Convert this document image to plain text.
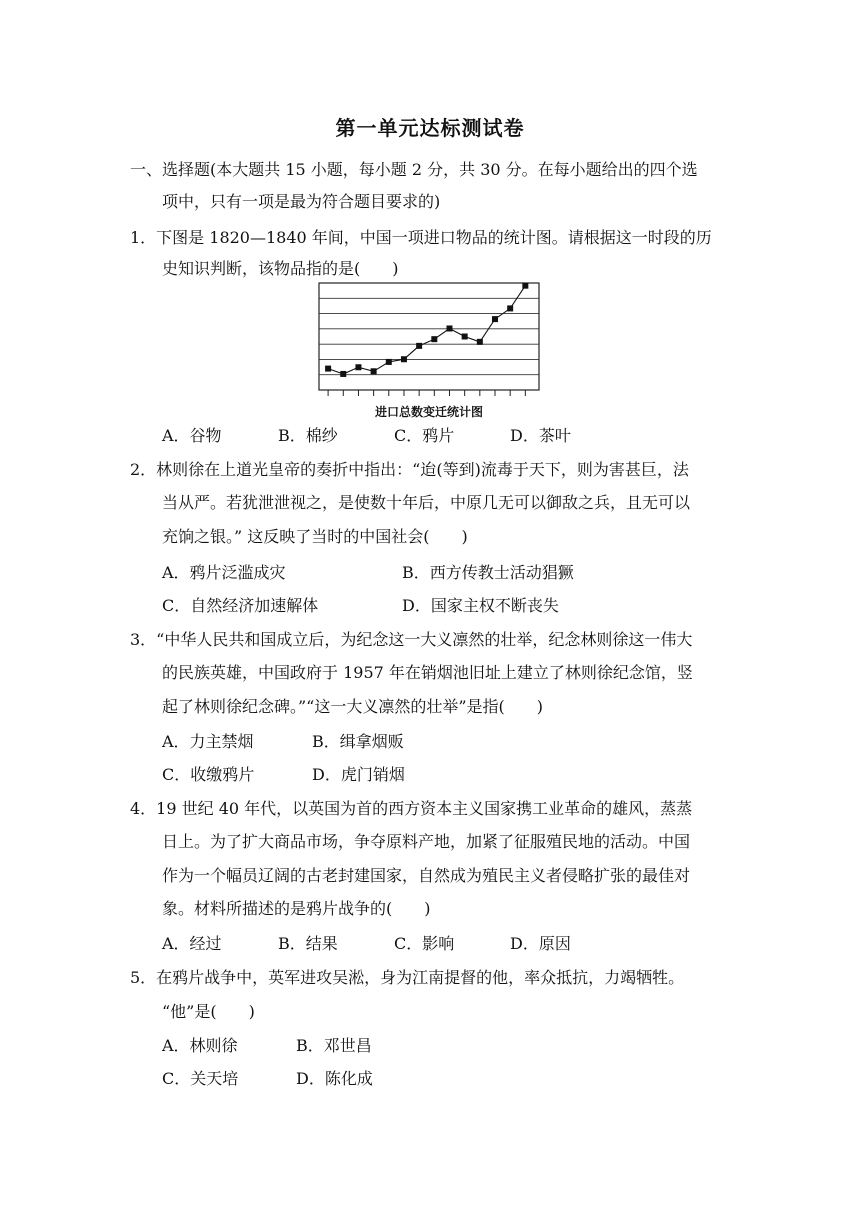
第一单元达标测试卷
一、选择题(本大题共 15 小题，每小题 2 分，共 30 分。在每小题给出的四个选
项中，只有一项是最为符合题目要求的)
1．下图是 1820—1840 年间，中国一项进口物品的统计图。请根据这一时段的历
史知识判断，该物品指的是(　　)
进口总数变迁统计图
A．谷物	B．棉纱	C．鸦片	D．茶叶
2．林则徐在上道光皇帝的奏折中指出：“迨(等到)流毒于天下，则为害甚巨，法
当从严。若犹泄泄视之，是使数十年后，中原几无可以御敌之兵，且无可以
充饷之银。” 这反映了当时的中国社会(　　)
A．鸦片泛滥成灾	B．西方传教士活动猖獗
C．自然经济加速解体	D．国家主权不断丧失
3．“中华人民共和国成立后，为纪念这一大义凛然的壮举，纪念林则徐这一伟大
的民族英雄，中国政府于 1957 年在销烟池旧址上建立了林则徐纪念馆，竖
起了林则徐纪念碑。”“这一大义凛然的壮举”是指(　　)
A．力主禁烟	B．缉拿烟贩
C．收缴鸦片	D．虎门销烟
4．19 世纪 40 年代，以英国为首的西方资本主义国家携工业革命的雄风，蒸蒸
日上。为了扩大商品市场，争夺原料产地，加紧了征服殖民地的活动。中国
作为一个幅员辽阔的古老封建国家，自然成为殖民主义者侵略扩张的最佳对
象。材料所描述的是鸦片战争的(　　)
A．经过	B．结果	C．影响	D．原因
5．在鸦片战争中，英军进攻吴淞，身为江南提督的他，率众抵抗，力竭牺牲。
“他”是(　　)
A．林则徐	B．邓世昌
C．关天培	D．陈化成
